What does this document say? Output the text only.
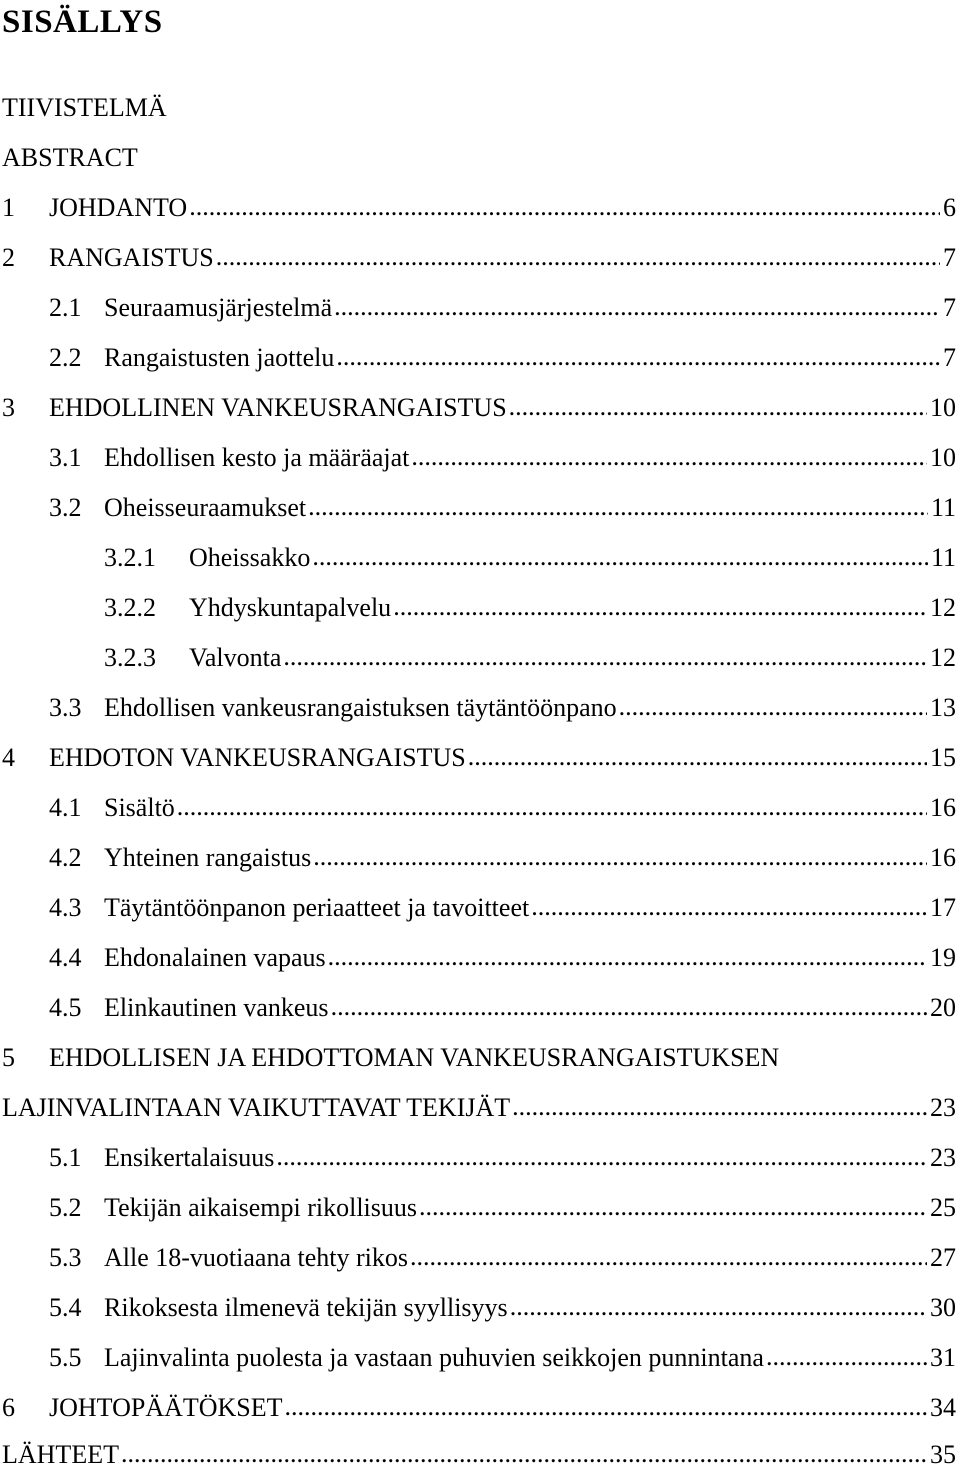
SISÄLLYS
TIIVISTELMÄ
ABSTRACT
1	JOHDANTO .....	6
2	RANGAISTUS .....	7
2.1 Seuraamusjärjestelmä .....	7
2.2 Rangaistusten jaottelu .....	7
3	EHDOLLINEN VANKEUSRANGAISTUS .....	10
3.1 Ehdollisen kesto ja määräajat .....	10
3.2 Oheisseuraamukset .....	11
3.2.1	Oheissakko .....	11
3.2.2	Yhdyskuntapalvelu .....	12
3.2.3	Valvonta .....	12
3.3 Ehdollisen vankeusrangaistuksen täytäntöönpano .....	13
4	EHDOTON VANKEUSRANGAISTUS .....	15
4.1 Sisältö .....	16
4.2 Yhteinen rangaistus .....	16
4.3 Täytäntöönpanon periaatteet ja tavoitteet .....	17
4.4 Ehdonalainen vapaus .....	19
4.5 Elinkautinen vankeus .....	20
5 EHDOLLISEN JA EHDOTTOMAN VANKEUSRANGAISTUKSEN
LAJINVALINTAAN VAIKUTTAVAT TEKIJÄT .....	23
5.1 Ensikertalaisuus .....	23
5.2 Tekijän aikaisempi rikollisuus .....	25
5.3 Alle 18-vuotiaana tehty rikos .....	27
5.4 Rikoksesta ilmenevä tekijän syyllisyys .....	30
5.5 Lajinvalinta puolesta ja vastaan puhuvien seikkojen punnintana .....	31
6	JOHTOPÄÄTÖKSET .....	34
LÄHTEET .....	35
